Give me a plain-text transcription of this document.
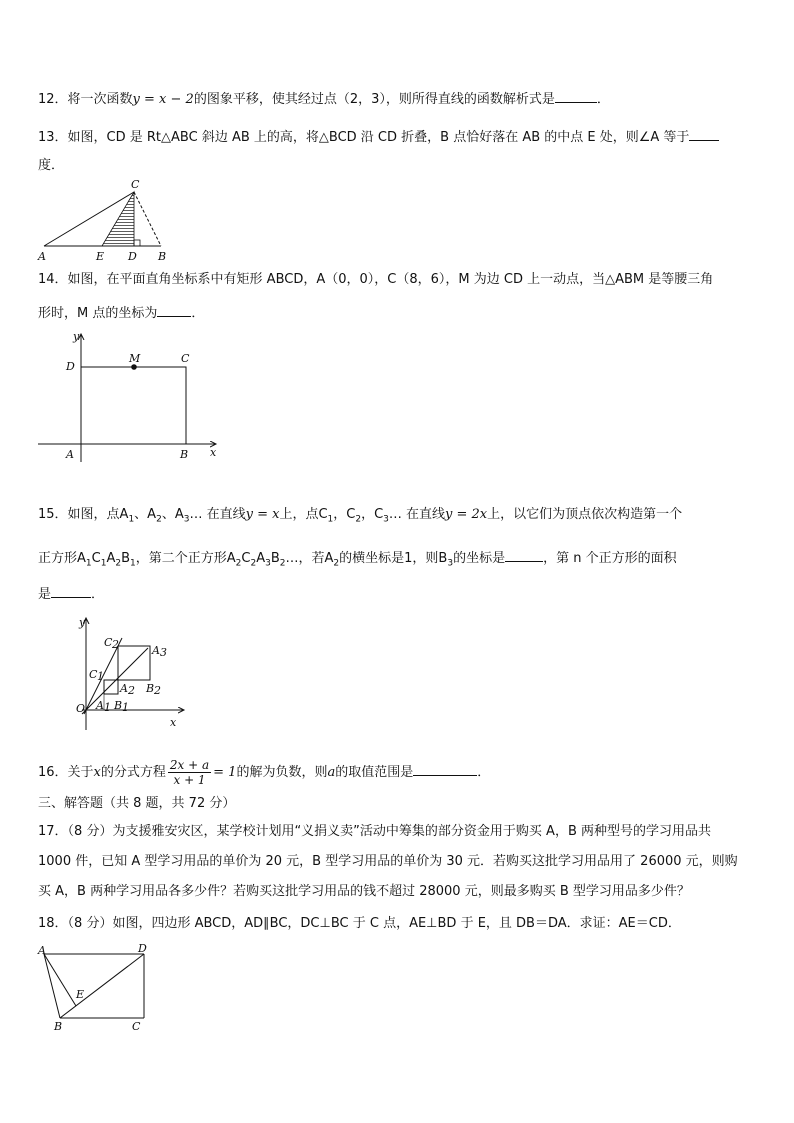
12．将一次函数y = x − 2的图象平移，使其经过点（2，3），则所得直线的函数解析式是	．
13．如图，CD 是 Rt△ABC 斜边 AB 上的高，将△BCD 沿 CD 折叠，B 点恰好落在 AB 的中点 E 处，则∠A 等于
度．
A	E D B
C
14．如图，在平面直角坐标系中有矩形 ABCD，A（0，0），C（8，6），M 为边 CD 上一动点，当△ABM 是等腰三角
形时，M 点的坐标为	．
y
x
D
M	C
A	B
15．如图，点$A_1$、$A_2$、$A_3\dots$ 在直线y = x上，点$C_1$，$C_2$，$C_3\dots$ 在直线y = 2x上，以它们为顶点依次构造第一个
正方形$A_1C_1A_2B_1$，第二个正方形$A_2C_2A_3B_2\dots$，若$A_2$的横坐标是1，则$B_3$的坐标是	，第 n 个正方形的面积
是	．
y
x
O
C 2	A 3
C 1
A 2 B 2
A 1 B 1
16．关于x的分式方程 $\frac{2x + a}{x + 1} = 1$的解为负数，则a的取值范围是	．
三、解答题（共 8 题，共 72 分）
17．（8 分）为支援雅安灾区，某学校计划用“义捐义卖”活动中筹集的部分资金用于购买 A，B 两种型号的学习用品共
1000 件，已知 A 型学习用品的单价为 20 元，B 型学习用品的单价为 30 元．若购买这批学习用品用了 26000 元，则购
买 A，B 两种学习用品各多少件？若购买这批学习用品的钱不超过 28000 元，则最多购买 B 型学习用品多少件？
18．（8 分）如图，四边形 ABCD，AD∥BC，DC⊥BC 于 C 点，AE⊥BD 于 E，且 DB＝DA．求证：AE＝CD．
A	D
E
B	C
